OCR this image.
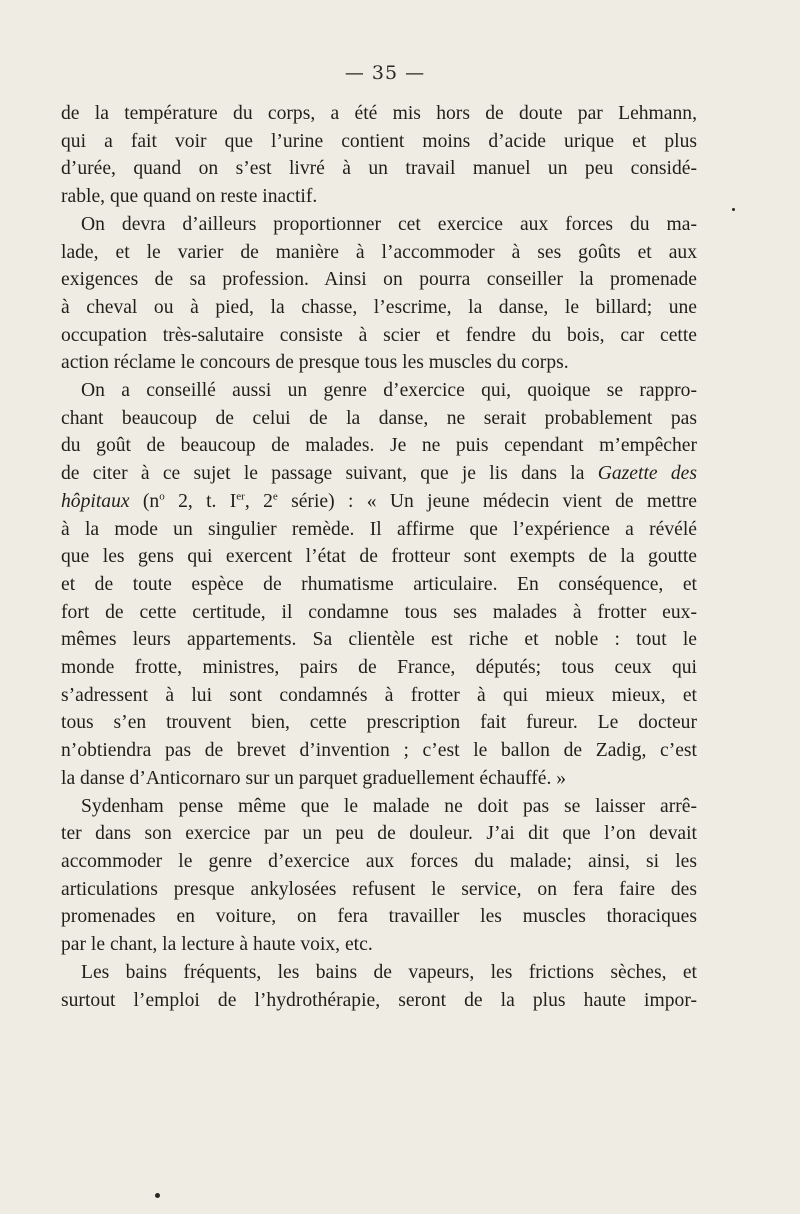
— 35 —
de la température du corps, a été mis hors de doute par Lehmann,
qui a fait voir que l’urine contient moins d’acide urique et plus
d’urée, quand on s’est livré à un travail manuel un peu considé-
rable, que quand on reste inactif.
On devra d’ailleurs proportionner cet exercice aux forces du ma-
lade, et le varier de manière à l’accommoder à ses goûts et aux
exigences de sa profession. Ainsi on pourra conseiller la promenade
à cheval ou à pied, la chasse, l’escrime, la danse, le billard; une
occupation très-salutaire consiste à scier et fendre du bois, car cette
action réclame le concours de presque tous les muscles du corps.
On a conseillé aussi un genre d’exercice qui, quoique se rappro-
chant beaucoup de celui de la danse, ne serait probablement pas
du goût de beaucoup de malades. Je ne puis cependant m’empêcher
de citer à ce sujet le passage suivant, que je lis dans la Gazette des
hôpitaux ($n^o$ 2, t. Ier, 2e série) : « Un jeune médecin vient de mettre
à la mode un singulier remède. Il affirme que l’expérience a révélé
que les gens qui exercent l’état de frotteur sont exempts de la goutte
et de toute espèce de rhumatisme articulaire. En conséquence, et
fort de cette certitude, il condamne tous ses malades à frotter eux-
mêmes leurs appartements. Sa clientèle est riche et noble : tout le
monde frotte, ministres, pairs de France, députés; tous ceux qui
s’adressent à lui sont condamnés à frotter à qui mieux mieux, et
tous s’en trouvent bien, cette prescription fait fureur. Le docteur
n’obtiendra pas de brevet d’invention ; c’est le ballon de Zadig, c’est
la danse d’Anticornaro sur un parquet graduellement échauffé. »
Sydenham pense même que le malade ne doit pas se laisser arrê-
ter dans son exercice par un peu de douleur. J’ai dit que l’on devait
accommoder le genre d’exercice aux forces du malade; ainsi, si les
articulations presque ankylosées refusent le service, on fera faire des
promenades en voiture, on fera travailler les muscles thoraciques
par le chant, la lecture à haute voix, etc.
Les bains fréquents, les bains de vapeurs, les frictions sèches, et
surtout l’emploi de l’hydrothérapie, seront de la plus haute impor-
